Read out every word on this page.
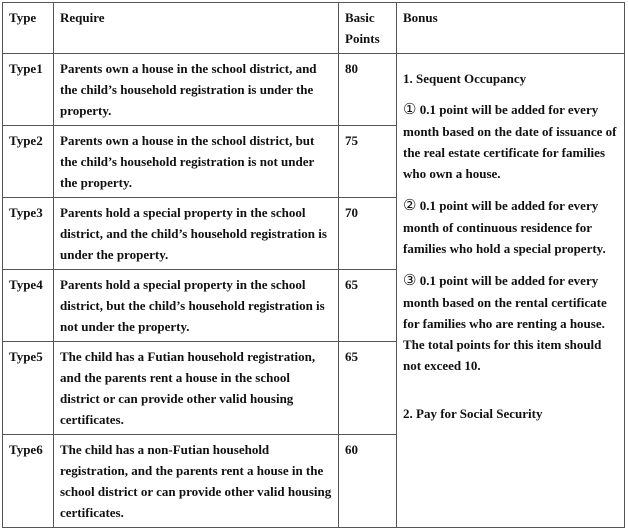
Type	Require	Basic Points	Bonus
Type1	Parents own a house in the school district, and the child’s household registration is under the property.	80	1. Sequent Occupancy
① 0.1 point will be added for every month based on the date of issuance of the real estate certificate for families who own a house.
② 0.1 point will be added for every month of continuous residence for families who hold a special property.
③ 0.1 point will be added for every month based on the rental certificate for families who are renting a house. The total points for this item should not exceed 10.
2. Pay for Social Security

Type2	Parents own a house in the school district, but the child’s household registration is not under the property.	75	
Type3	Parents hold a special property in the school district, and the child’s household registration is under the property.	70	
Type4	Parents hold a special property in the school district, but the child’s household registration is not under the property.	65	
Type5	The child has a Futian household registration, and the parents rent a house in the school district or can provide other valid housing certificates.	65	
Type6	The child has a non-Futian household registration, and the parents rent a house in the school district or can provide other valid housing certificates.	60	
